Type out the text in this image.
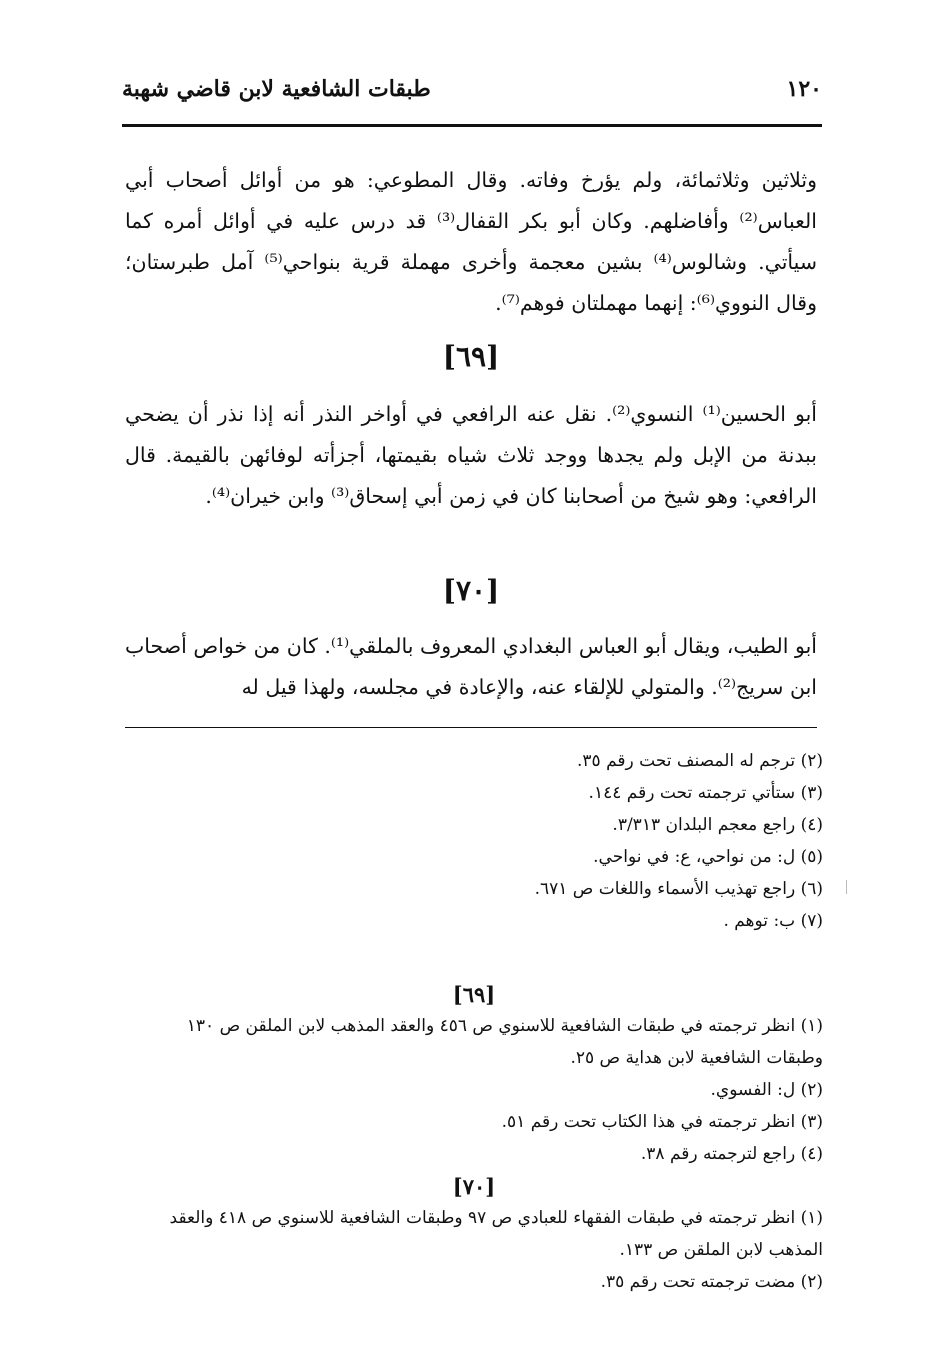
١٢٠
طبقات الشافعية لابن قاضي شهبة
وثلاثين وثلاثمائة، ولم يؤرخ وفاته. وقال المطوعي: هو من أوائل أصحاب أبي العباس⁽²⁾ وأفاضلهم. وكان أبو بكر القفال⁽³⁾ قد درس عليه في أوائل أمره كما سيأتي. وشالوس⁽⁴⁾ بشين معجمة وأخرى مهملة قرية بنواحي⁽⁵⁾ آمل طبرستان؛ وقال النووي⁽⁶⁾: إنهما مهملتان فوهم⁽⁷⁾.
[٦٩]
أبو الحسين⁽¹⁾ النسوي⁽²⁾. نقل عنه الرافعي في أواخر النذر أنه إذا نذر أن يضحي ببدنة من الإبل ولم يجدها ووجد ثلاث شياه بقيمتها، أجزأته لوفائهن بالقيمة. قال الرافعي: وهو شيخ من أصحابنا كان في زمن أبي إسحاق⁽³⁾ وابن خيران⁽⁴⁾.
[٧٠]
أبو الطيب، ويقال أبو العباس البغدادي المعروف بالملقي⁽¹⁾. كان من خواص أصحاب ابن سريج⁽²⁾. والمتولي للإلقاء عنه، والإعادة في مجلسه، ولهذا قيل له
(٢) ترجم له المصنف تحت رقم ٣٥.
(٣) ستأتي ترجمته تحت رقم ١٤٤.
(٤) راجع معجم البلدان ٣/٣١٣.
(٥) ل: من نواحي، ع: في نواحي.
(٦) راجع تهذيب الأسماء واللغات ص ٦٧١.
(٧) ب: توهم .
[٦٩]
(١) انظر ترجمته في طبقات الشافعية للاسنوي ص ٤٥٦ والعقد المذهب لابن الملقن ص ١٣٠ وطبقات الشافعية لابن هداية ص ٢٥.
(٢) ل: الفسوي.
(٣) انظر ترجمته في هذا الكتاب تحت رقم ٥١.
(٤) راجع لترجمته رقم ٣٨.
[٧٠]
(١) انظر ترجمته في طبقات الفقهاء للعبادي ص ٩٧ وطبقات الشافعية للاسنوي ص ٤١٨ والعقد المذهب لابن الملقن ص ١٣٣.
(٢) مضت ترجمته تحت رقم ٣٥.
